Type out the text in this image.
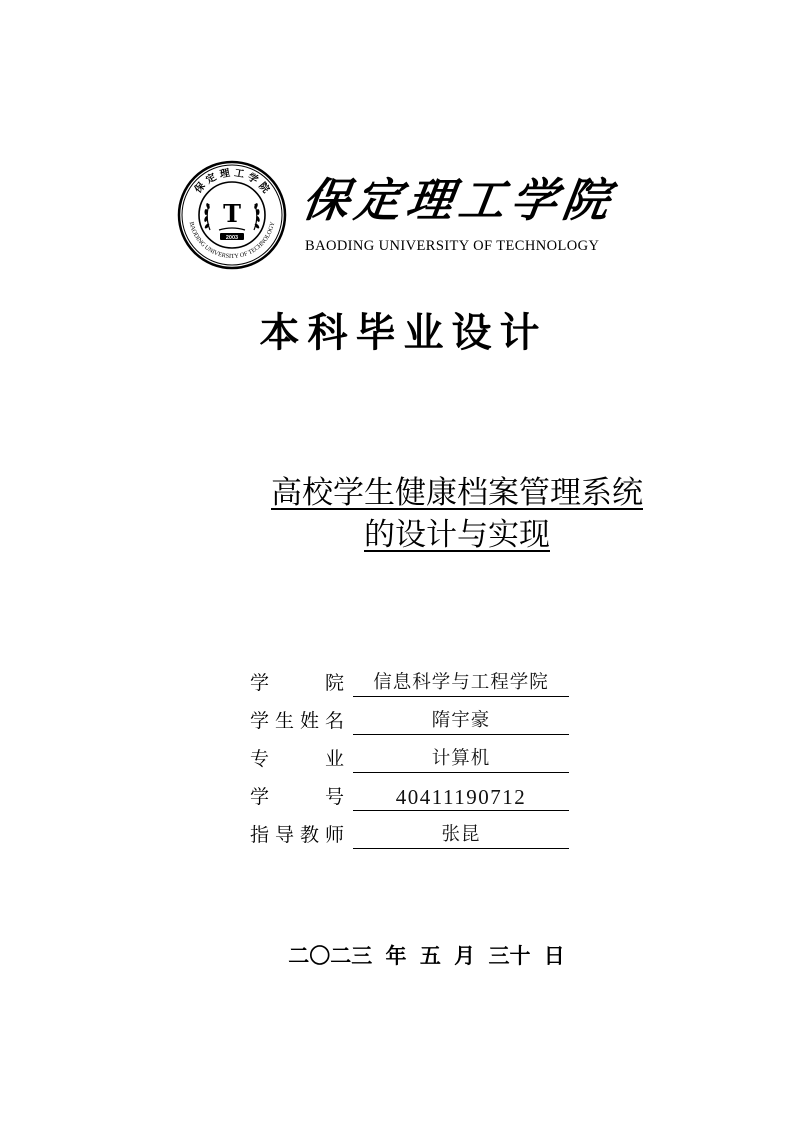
保 定 理 工 学 院
BAODING UNIVERSITY OF TECHNOLOGY
T
2003
保定理工学院
BAODING UNIVERSITY OF TECHNOLOGY
本科毕业设计
高校学生健康档案管理系统
的设计与实现
学	院	信息科学与工程学院
学 生 姓 名	隋宇豪
专	业	计算机
学	号	40411190712
指 导 教 师	张昆
二〇二三 年 五 月 三十 日
